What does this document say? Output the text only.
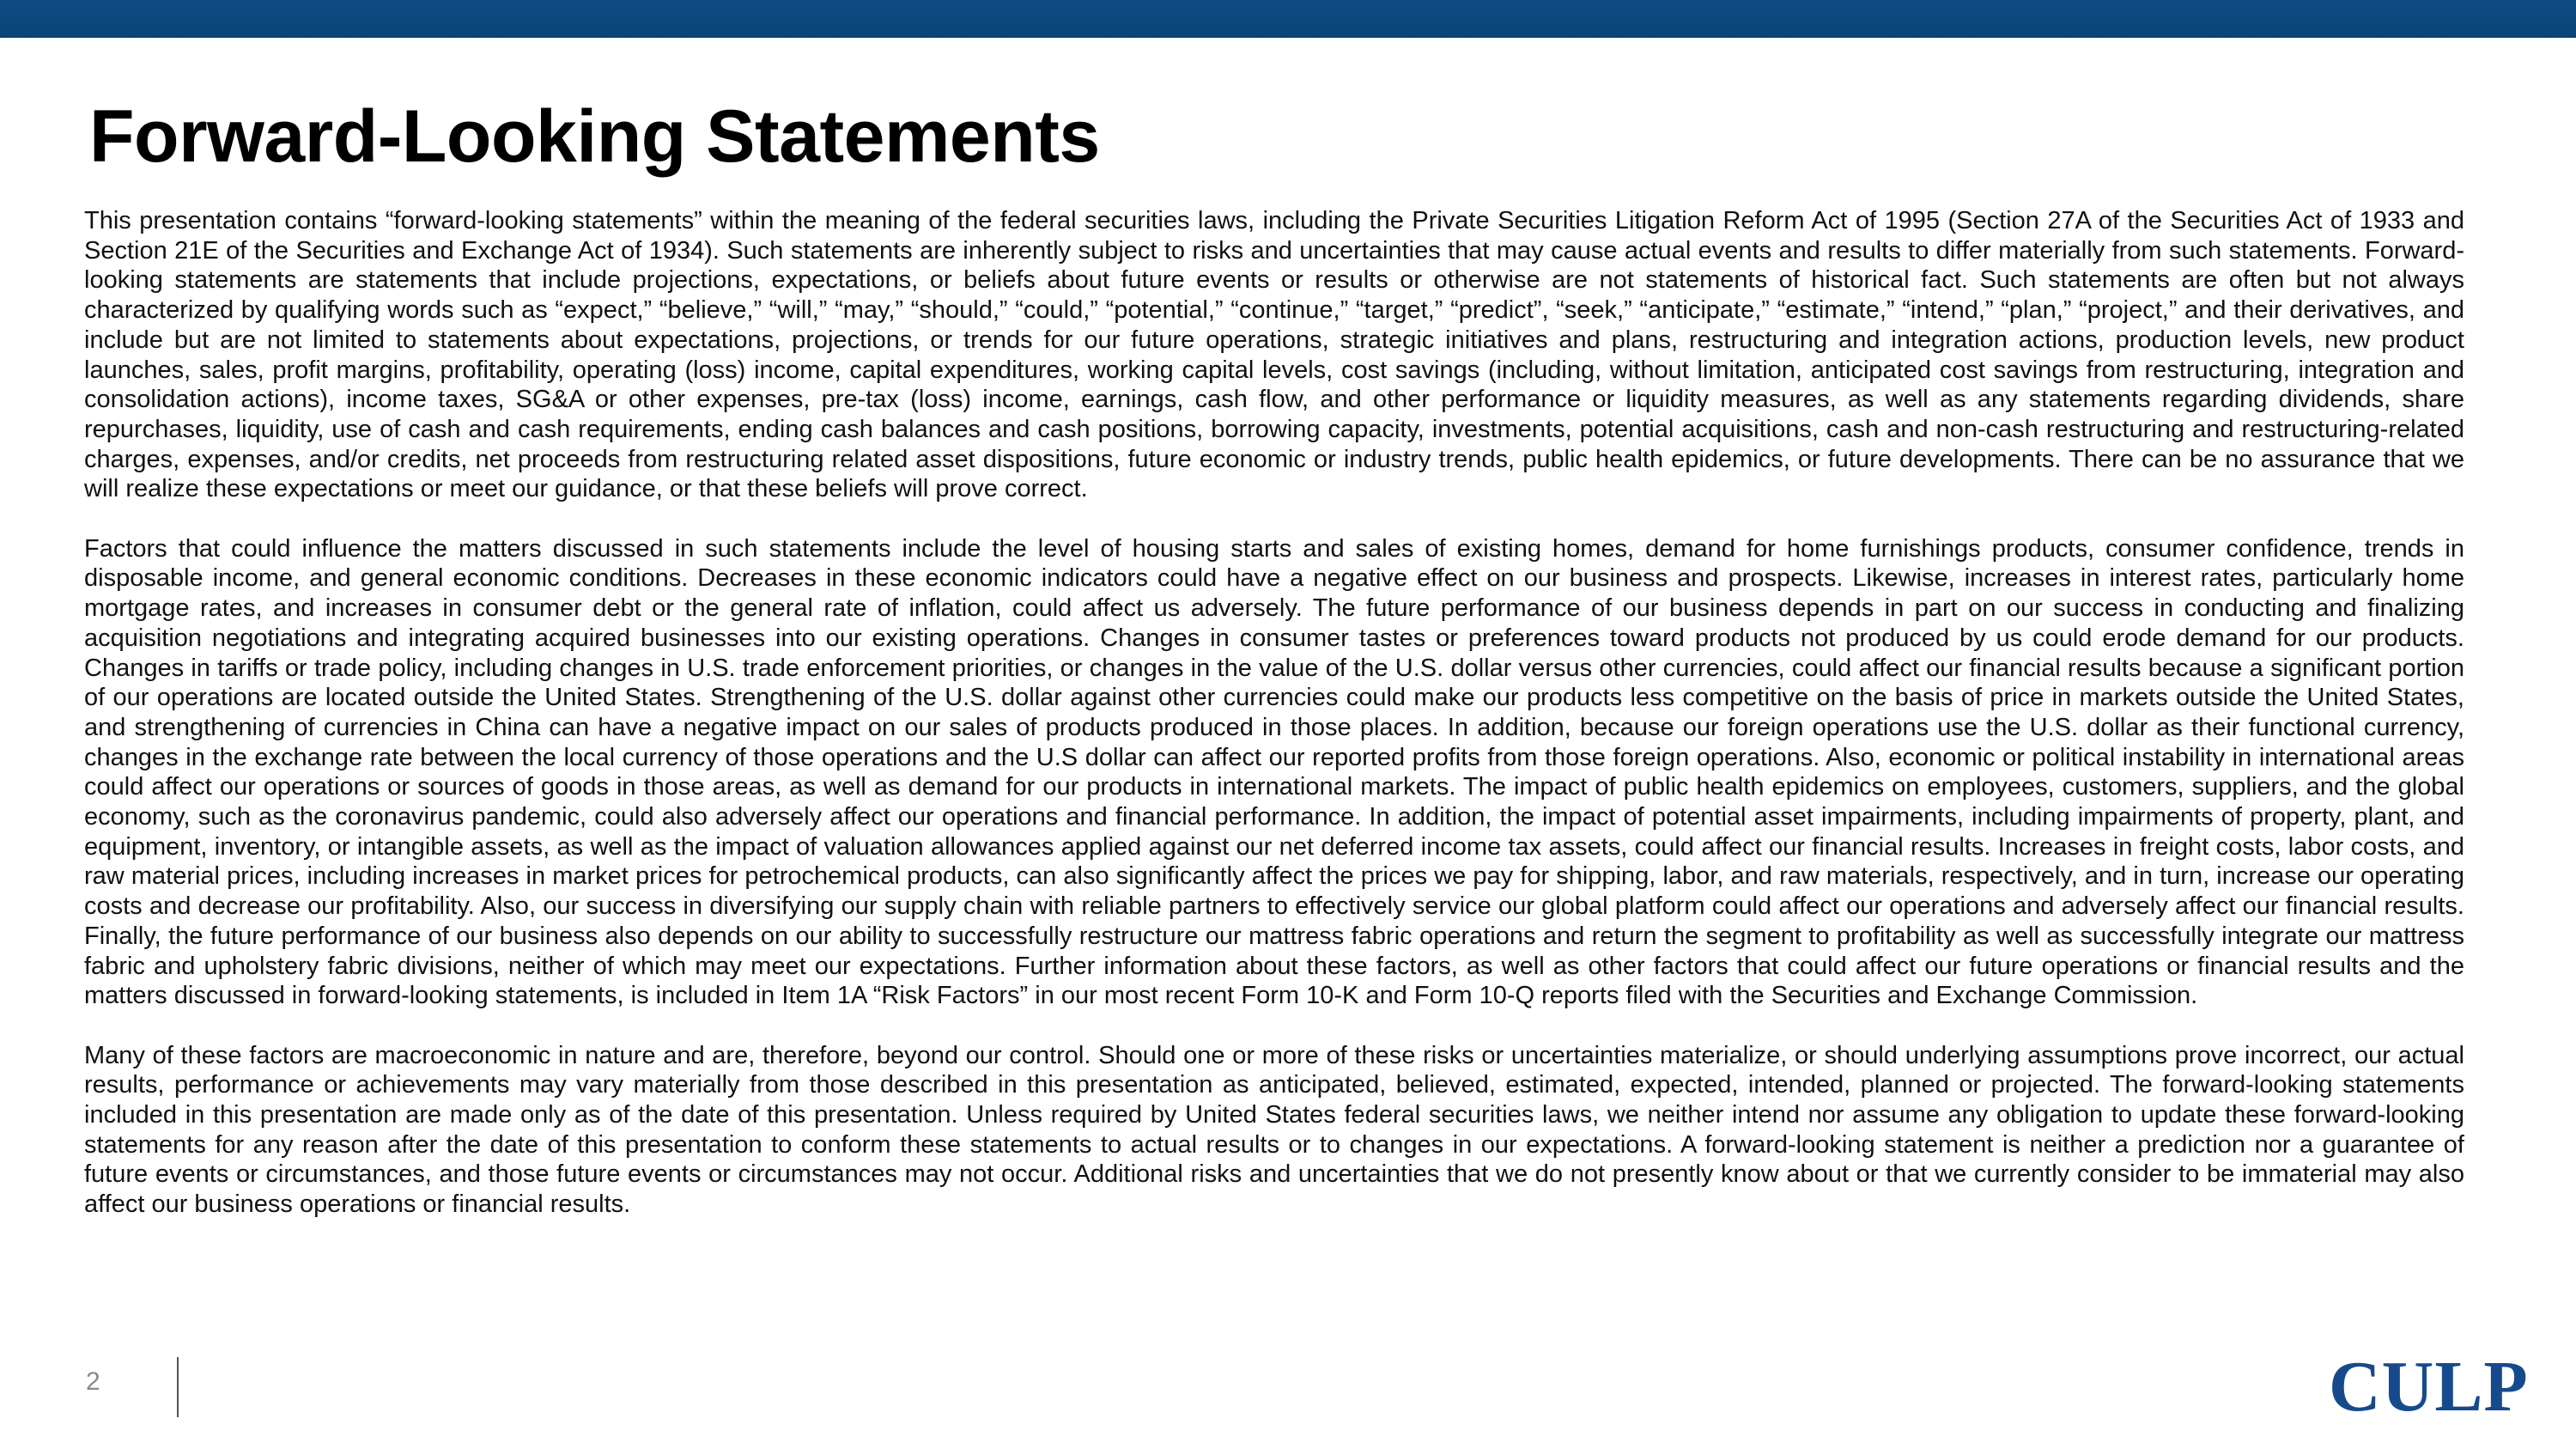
Forward-Looking Statements

This presentation contains “forward-looking statements” within the meaning of the federal securities laws, including the Private Securities Litigation Reform Act of 1995 (Section 27A of the Securities Act of 1933 and Section 21E of the Securities and Exchange Act of 1934). Such statements are inherently subject to risks and uncertainties that may cause actual events and results to differ materially from such statements. Forward-looking statements are statements that include projections, expectations, or beliefs about future events or results or otherwise are not statements of historical fact. Such statements are often but not always characterized by qualifying words such as “expect,” “believe,” “will,” “may,” “should,” “could,” “potential,” “continue,” “target,” “predict”, “seek,” “anticipate,” “estimate,” “intend,” “plan,” “project,” and their derivatives, and include but are not limited to statements about expectations, projections, or trends for our future operations, strategic initiatives and plans, restructuring and integration actions, production levels, new product launches, sales, profit margins, profitability, operating (loss) income, capital expenditures, working capital levels, cost savings (including, without limitation, anticipated cost savings from restructuring, integration and consolidation actions), income taxes, SG&A or other expenses, pre-tax (loss) income, earnings, cash flow, and other performance or liquidity measures, as well as any statements regarding dividends, share repurchases, liquidity, use of cash and cash requirements, ending cash balances and cash positions, borrowing capacity, investments, potential acquisitions, cash and non-cash restructuring and restructuring-related charges, expenses, and/or credits, net proceeds from restructuring related asset dispositions, future economic or industry trends, public health epidemics, or future developments. There can be no assurance that we will realize these expectations or meet our guidance, or that these beliefs will prove correct.

Factors that could influence the matters discussed in such statements include the level of housing starts and sales of existing homes, demand for home furnishings products, consumer confidence, trends in disposable income, and general economic conditions. Decreases in these economic indicators could have a negative effect on our business and prospects. Likewise, increases in interest rates, particularly home mortgage rates, and increases in consumer debt or the general rate of inflation, could affect us adversely. The future performance of our business depends in part on our success in conducting and finalizing acquisition negotiations and integrating acquired businesses into our existing operations. Changes in consumer tastes or preferences toward products not produced by us could erode demand for our products. Changes in tariffs or trade policy, including changes in U.S. trade enforcement priorities, or changes in the value of the U.S. dollar versus other currencies, could affect our financial results because a significant portion of our operations are located outside the United States. Strengthening of the U.S. dollar against other currencies could make our products less competitive on the basis of price in markets outside the United States, and strengthening of currencies in China can have a negative impact on our sales of products produced in those places. In addition, because our foreign operations use the U.S. dollar as their functional currency, changes in the exchange rate between the local currency of those operations and the U.S dollar can affect our reported profits from those foreign operations. Also, economic or political instability in international areas could affect our operations or sources of goods in those areas, as well as demand for our products in international markets. The impact of public health epidemics on employees, customers, suppliers, and the global economy, such as the coronavirus pandemic, could also adversely affect our operations and financial performance. In addition, the impact of potential asset impairments, including impairments of property, plant, and equipment, inventory, or intangible assets, as well as the impact of valuation allowances applied against our net deferred income tax assets, could affect our financial results. Increases in freight costs, labor costs, and raw material prices, including increases in market prices for petrochemical products, can also significantly affect the prices we pay for shipping, labor, and raw materials, respectively, and in turn, increase our operating costs and decrease our profitability. Also, our success in diversifying our supply chain with reliable partners to effectively service our global platform could affect our operations and adversely affect our financial results. Finally, the future performance of our business also depends on our ability to successfully restructure our mattress fabric operations and return the segment to profitability as well as successfully integrate our mattress fabric and upholstery fabric divisions, neither of which may meet our expectations. Further information about these factors, as well as other factors that could affect our future operations or financial results and the matters discussed in forward-looking statements, is included in Item 1A “Risk Factors” in our most recent Form 10-K and Form 10-Q reports filed with the Securities and Exchange Commission.

Many of these factors are macroeconomic in nature and are, therefore, beyond our control. Should one or more of these risks or uncertainties materialize, or should underlying assumptions prove incorrect, our actual results, performance or achievements may vary materially from those described in this presentation as anticipated, believed, estimated, expected, intended, planned or projected. The forward-looking statements included in this presentation are made only as of the date of this presentation. Unless required by United States federal securities laws, we neither intend nor assume any obligation to update these forward-looking statements for any reason after the date of this presentation to conform these statements to actual results or to changes in our expectations. A forward-looking statement is neither a prediction nor a guarantee of future events or circumstances, and those future events or circumstances may not occur. Additional risks and uncertainties that we do not presently know about or that we currently consider to be immaterial may also affect our business operations or financial results.

2	CULP
